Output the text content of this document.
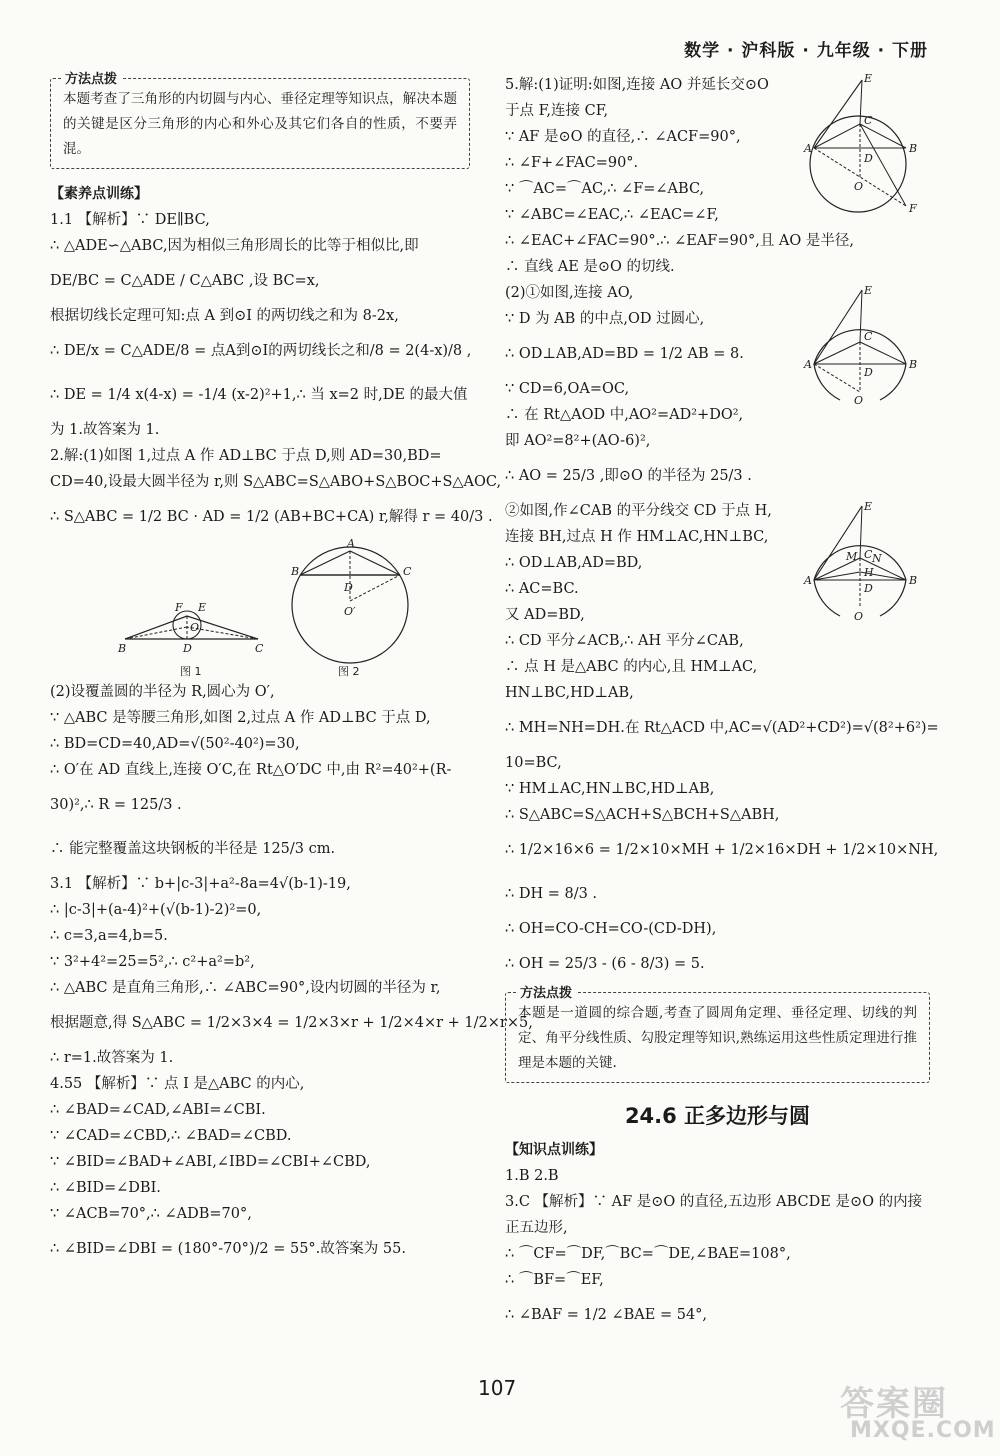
数学 · 沪科版 · 九年级 · 下册
方法点拨

本题考查了三角形的内切圆与内心、垂径定理等知识点，解决本题的关键是区分三角形的内心和外心及其它们各自的性质，不要弄混。

【素养点训练】
1.1 【解析】∵ DE∥BC,
∴ △ADE∽△ABC,因为相似三角形周长的比等于相似比,即
DE/BC = C△ADE / C△ABC ,设 BC=x,
根据切线长定理可知:点 A 到⊙I 的两切线之和为 8-2x,
∴ DE/x = C△ADE/8 = 点A到⊙I的两切线长之和/8 = 2(4-x)/8 ,
∴ DE = 1/4 x(4-x) = -1/4 (x-2)²+1,∴ 当 x=2 时,DE 的最大值
为 1.故答案为 1.
2.解:(1)如图 1,过点 A 作 AD⊥BC 于点 D,则 AD=30,BD=
CD=40,设最大圆半径为 r,则 S△ABC=S△ABO+S△BOC+S△AOC,
∴ S△ABC = 1/2 BC · AD = 1/2 (AB+BC+CA) r,解得 r = 40/3 .
B	D	C
F E
O
B
A
C
D
O′
图 1	图 2
(2)设覆盖圆的半径为 R,圆心为 O′,
∵ △ABC 是等腰三角形,如图 2,过点 A 作 AD⊥BC 于点 D,
∴ BD=CD=40,AD=√(50²-40²)=30,
∴ O′在 AD 直线上,连接 O′C,在 Rt△O′DC 中,由 R²=40²+(R-
30)²,∴ R = 125/3 .
∴ 能完整覆盖这块钢板的半径是 125/3 cm.
3.1 【解析】∵ b+|c-3|+a²-8a=4√(b-1)-19,
∴ |c-3|+(a-4)²+(√(b-1)-2)²=0,
∴ c=3,a=4,b=5.
∵ 3²+4²=25=5²,∴ c²+a²=b²,
∴ △ABC 是直角三角形,∴ ∠ABC=90°,设内切圆的半径为 r,
根据题意,得 S△ABC = 1/2×3×4 = 1/2×3×r + 1/2×4×r + 1/2×r×5,
∴ r=1.故答案为 1.
4.55 【解析】∵ 点 I 是△ABC 的内心,
∴ ∠BAD=∠CAD,∠ABI=∠CBI.
∵ ∠CAD=∠CBD,∴ ∠BAD=∠CBD.
∵ ∠BID=∠BAD+∠ABI,∠IBD=∠CBI+∠CBD,
∴ ∠BID=∠DBI.
∵ ∠ACB=70°,∴ ∠ADB=70°,
∴ ∠BID=∠DBI = (180°-70°)/2 = 55°.故答案为 55.
5.解:(1)证明:如图,连接 AO 并延长交⊙O
于点 F,连接 CF,
∵ AF 是⊙O 的直径,∴ ∠ACF=90°,
∴ ∠F+∠FAC=90°.
∵ ⌒AC=⌒AC,∴ ∠F=∠ABC,
∵ ∠ABC=∠EAC,∴ ∠EAC=∠F,
∴ ∠EAC+∠FAC=90°.∴ ∠EAF=90°,且 AO 是半径,
∴ 直线 AE 是⊙O 的切线.
(2)①如图,连接 AO,
∵ D 为 AB 的中点,OD 过圆心,
∴ OD⊥AB,AD=BD = 1/2 AB = 8.
∵ CD=6,OA=OC,
∴ 在 Rt△AOD 中,AO²=AD²+DO²,
即 AO²=8²+(AO-6)²,
∴ AO = 25/3 ,即⊙O 的半径为 25/3 .
②如图,作∠CAB 的平分线交 CD 于点 H,
连接 BH,过点 H 作 HM⊥AC,HN⊥BC,
∴ OD⊥AB,AD=BD,
∴ AC=BC.
又 AD=BD,
∴ CD 平分∠ACB,∴ AH 平分∠CAB,
∴ 点 H 是△ABC 的内心,且 HM⊥AC,
HN⊥BC,HD⊥AB,
∴ MH=NH=DH.在 Rt△ACD 中,AC=√(AD²+CD²)=√(8²+6²)=
10=BC,
∵ HM⊥AC,HN⊥BC,HD⊥AB,
∴ S△ABC=S△ACH+S△BCH+S△ABH,
∴ 1/2×16×6 = 1/2×10×MH + 1/2×16×DH + 1/2×10×NH,
∴ DH = 8/3 .
∴ OH=CO-CH=CO-(CD-DH),
∴ OH = 25/3 - (6 - 8/3) = 5.
方法点拨

本题是一道圆的综合题,考查了圆周角定理、垂径定理、切线的判定、角平分线性质、勾股定理等知识,熟练运用这些性质定理进行推理是本题的关键.

24.6 正多边形与圆
【知识点训练】
1.B 2.B
3.C 【解析】∵ AF 是⊙O 的直径,五边形 ABCDE 是⊙O 的内接
正五边形,
∴ ⌒CF=⌒DF,⌒BC=⌒DE,∠BAE=108°,
∴ ⌒BF=⌒EF,
∴ ∠BAF = 1/2 ∠BAE = 54°,
E
C
A	B
D
O
F
E
C
A	B
D
O
E
M C N
H
A	B
D
O
107	答案圈
MXQE.COM
